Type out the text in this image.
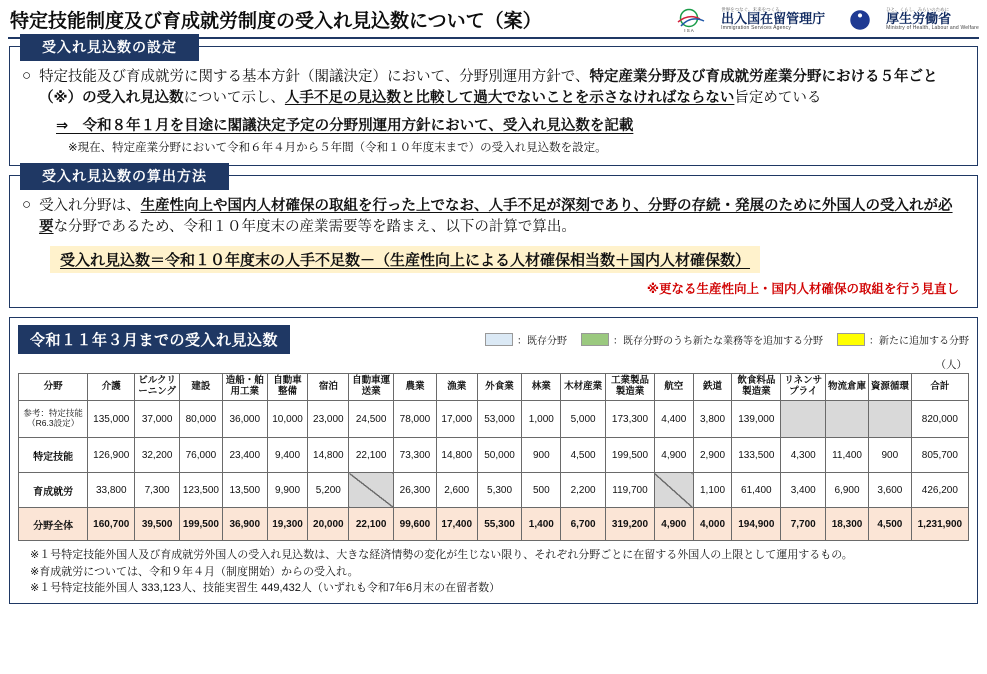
特定技能制度及び育成就労制度の受入れ見込数について（案）	I S A
世界をつなぐ、未来をつくる。
出入国在留管理庁
Immigration Services Agency
ひと、くらし、みらいのために
厚生労働省
Ministry of Health, Labour and Welfare
受入れ見込数の設定
○ 特定技能及び育成就労に関する基本方針（閣議決定）において、分野別運用方針で、特定産業分野及び育成就労産業分野における５年ごと（※）の受入れ見込数について示し、人手不足の見込数と比較して過大でないことを示さなければならない旨定めている
⇒　令和８年１月を目途に閣議決定予定の分野別運用方針において、受入れ見込数を記載
※現在、特定産業分野において令和６年４月から５年間（令和１０年度末まで）の受入れ見込数を設定。
受入れ見込数の算出方法
○ 受入れ分野は、生産性向上や国内人材確保の取組を行った上でなお、人手不足が深刻であり、分野の存続・発展のために外国人の受入れが必要な分野であるため、令和１０年度末の産業需要等を踏まえ、以下の計算で算出。
受入れ見込数＝令和１０年度末の人手不足数－（生産性向上による人材確保相当数＋国内人材確保数）
※更なる生産性向上・国内人材確保の取組を行う見直し
令和１１年３月までの受入れ見込数	：既存分野	：既存分野のうち新たな業務等を追加する分野	：新たに追加する分野
（人）
分野	介護	ビルクリーニング	建設	造船・舶用工業	自動車整備	宿泊	自動車運送業	農業	漁業	外食業	林業	木材産業	工業製品製造業	航空	鉄道	飲食料品製造業	リネンサプライ	物流倉庫	資源循環	合計
参考：特定技能（R6.3設定）	135,000	37,000	80,000	36,000	10,000	23,000	24,500	78,000	17,000	53,000	1,000	5,000	173,300	4,400	3,800	139,000				820,000
特定技能	126,900	32,200	76,000	23,400	9,400	14,800	22,100	73,300	14,800	50,000	900	4,500	199,500	4,900	2,900	133,500	4,300	11,400	900	805,700
育成就労	33,800	7,300	123,500	13,500	9,900	5,200		26,300	2,600	5,300	500	2,200	119,700		1,100	61,400	3,400	6,900	3,600	426,200
分野全体	160,700	39,500	199,500	36,900	19,300	20,000	22,100	99,600	17,400	55,300	1,400	6,700	319,200	4,900	4,000	194,900	7,700	18,300	4,500	1,231,900
※１号特定技能外国人及び育成就労外国人の受入れ見込数は、大きな経済情勢の変化が生じない限り、それぞれ分野ごとに在留する外国人の上限として運用するもの。
※育成就労については、令和９年４月（制度開始）からの受入れ。
※１号特定技能外国人 333,123人、技能実習生 449,432人（いずれも令和7年6月末の在留者数）
